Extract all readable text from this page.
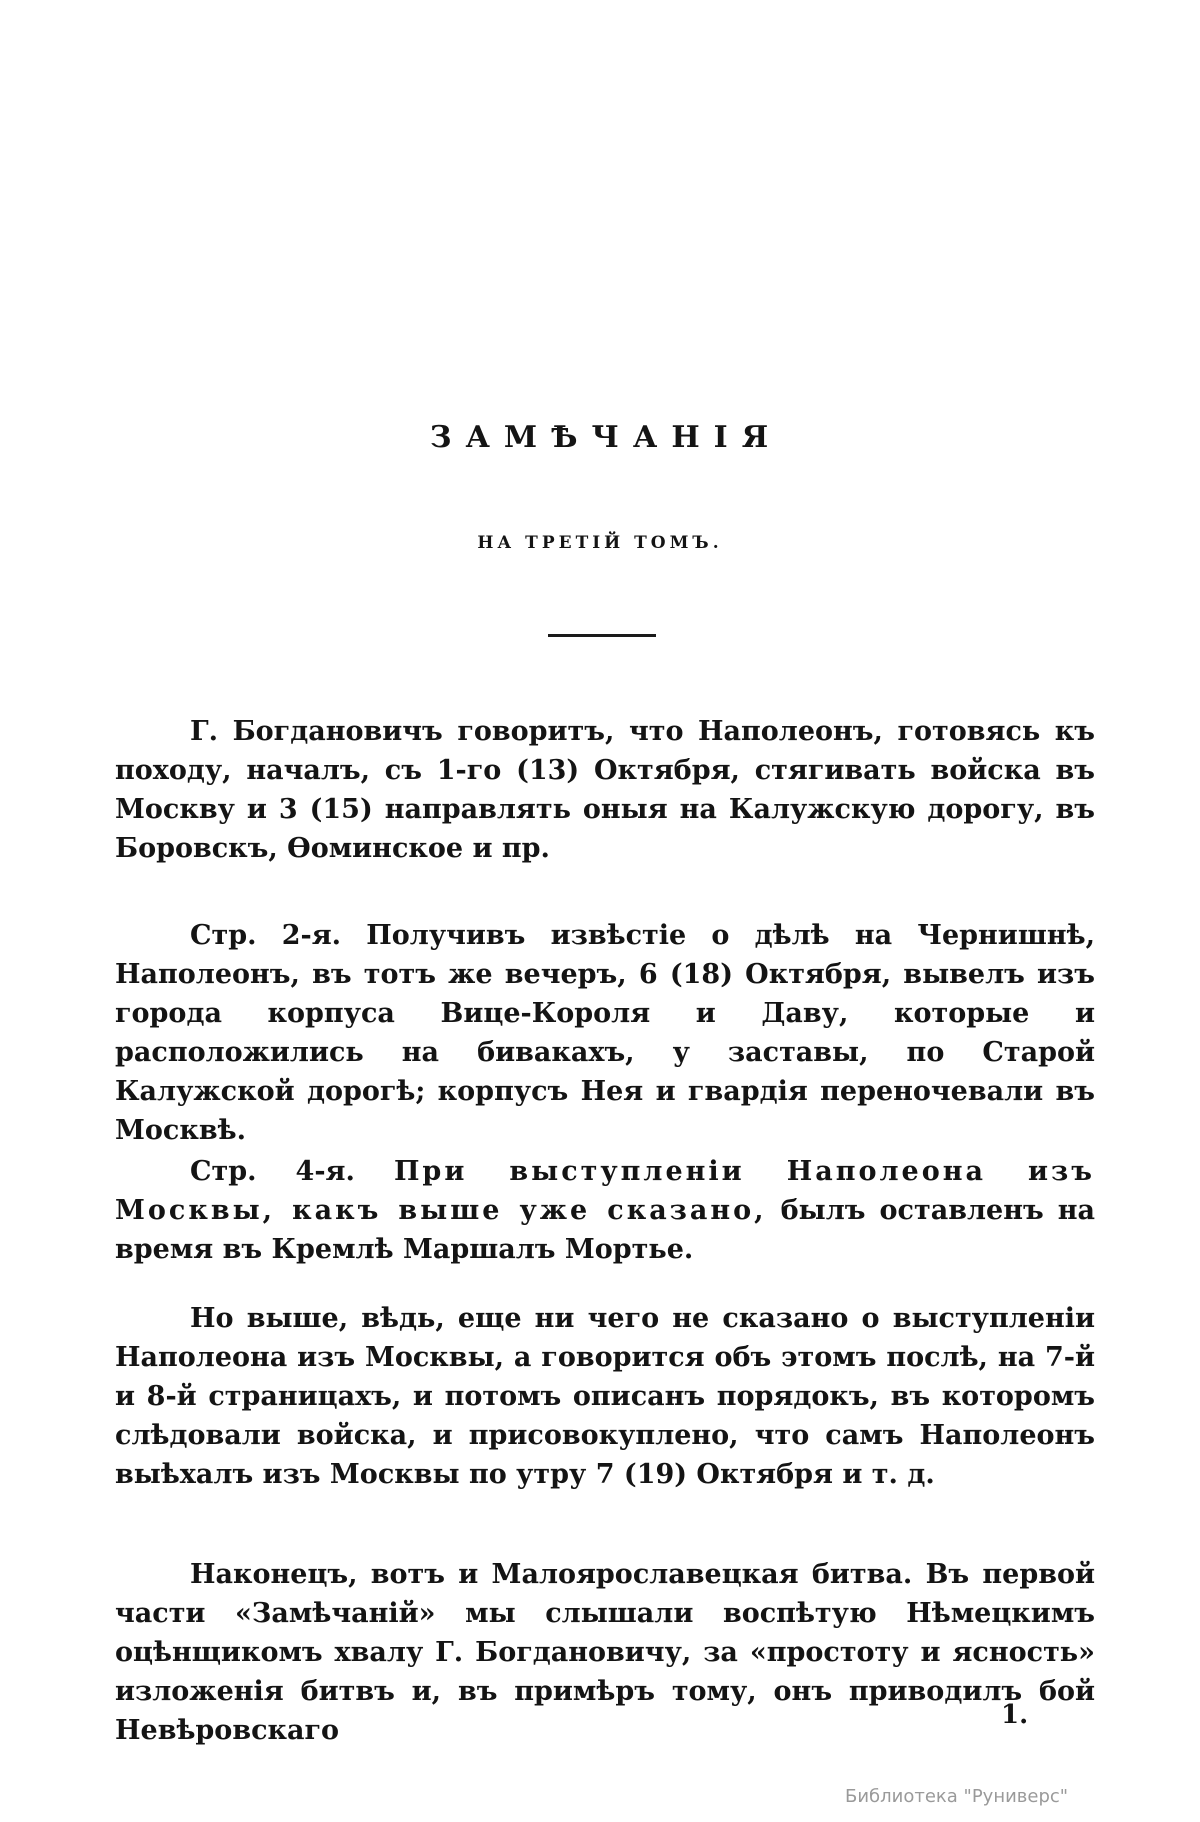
ЗАМѢЧАНІЯ
НА ТРЕТІЙ ТОМЪ.

Г. Богдановичъ говоритъ, что Наполеонъ, готовясь къ походу, началъ, съ 1-го (13) Октября, стягивать войска въ Москву и 3 (15) направлять оныя на Калужскую дорогу, въ Боровскъ, Ѳоминское и пр.

Стр. 2-я. Получивъ извѣстіе о дѣлѣ на Чернишнѣ, Наполеонъ, въ тотъ же вечеръ, 6 (18) Октября, вывелъ изъ города корпуса Вице-Короля и Даву, которые и расположились на бивакахъ, у заставы, по Старой Калужской дорогѣ; корпусъ Нея и гвардія переночевали въ Москвѣ.

Стр. 4-я. При выступленіи Наполеона изъ Москвы, какъ выше уже сказано, былъ оставленъ на время въ Кремлѣ Маршалъ Мортье.

Но выше, вѣдь, еще ни чего не сказано о выступленіи Наполеона изъ Москвы, а говорится объ этомъ послѣ, на 7-й и 8-й страницахъ, и потомъ описанъ порядокъ, въ которомъ слѣдовали войска, и присовокуплено, что самъ Наполеонъ выѣхалъ изъ Москвы по утру 7 (19) Октября и т. д.

Наконецъ, вотъ и Малоярославецкая битва. Въ первой части «Замѣчаній» мы слышали воспѣтую Нѣмецкимъ оцѣнщикомъ хвалу Г. Богдановичу, за «простоту и ясность» изложенія битвъ и, въ примѣръ тому, онъ приводилъ бой Невѣровскаго	1.
Библиотека "Руниверс"
